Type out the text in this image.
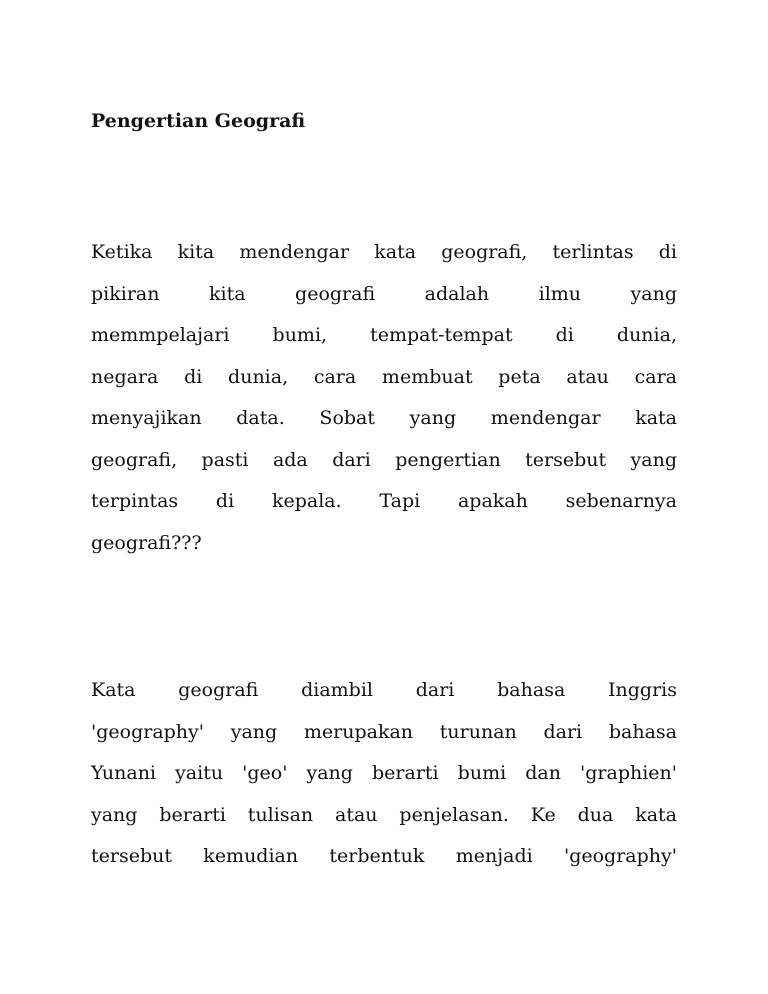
Pengertian Geografi
Ketika kita mendengar kata geografi, terlintas di
pikiran kita geografi adalah ilmu yang
memmpelajari bumi, tempat-tempat di dunia,
negara di dunia, cara membuat peta atau cara
menyajikan data. Sobat yang mendengar kata
geografi, pasti ada dari pengertian tersebut yang
terpintas di kepala. Tapi apakah sebenarnya
geografi???
Kata geografi diambil dari bahasa Inggris
'geography' yang merupakan turunan dari bahasa
Yunani yaitu 'geo' yang berarti bumi dan 'graphien'
yang berarti tulisan atau penjelasan. Ke dua kata
tersebut kemudian terbentuk menjadi 'geography'
